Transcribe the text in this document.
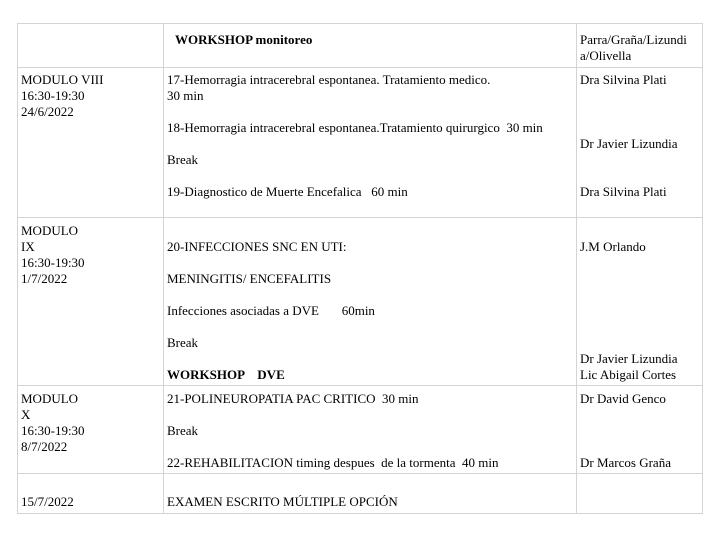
WORKSHOP monitoreo	Parra/Graña/Lizundi
a/Olivella
MODULO VIII
16:30-19:30
24/6/2022
17-Hemorragia intracerebral espontanea. Tratamiento medico.
30 min
18-Hemorragia intracerebral espontanea.Tratamiento quirurgico  30 min
Break
19-Diagnostico de Muerte Encefalica   60 min
Dra Silvina Plati
Dr Javier Lizundia
Dra Silvina Plati
MODULO
IX
16:30-19:30
1/7/2022
20-INFECCIONES SNC EN UTI:
MENINGITIS/ ENCEFALITIS
Infecciones asociadas a DVE       60min
Break
WORKSHOP    DVE
J.M Orlando
Dr Javier Lizundia
Lic Abigail Cortes
MODULO
X
16:30-19:30
8/7/2022
21-POLINEUROPATIA PAC CRITICO  30 min
Break
22-REHABILITACION timing despues  de la tormenta  40 min
Dr David Genco
Dr Marcos Graña
15/7/2022	EXAMEN ESCRITO MÚLTIPLE OPCIÓN
